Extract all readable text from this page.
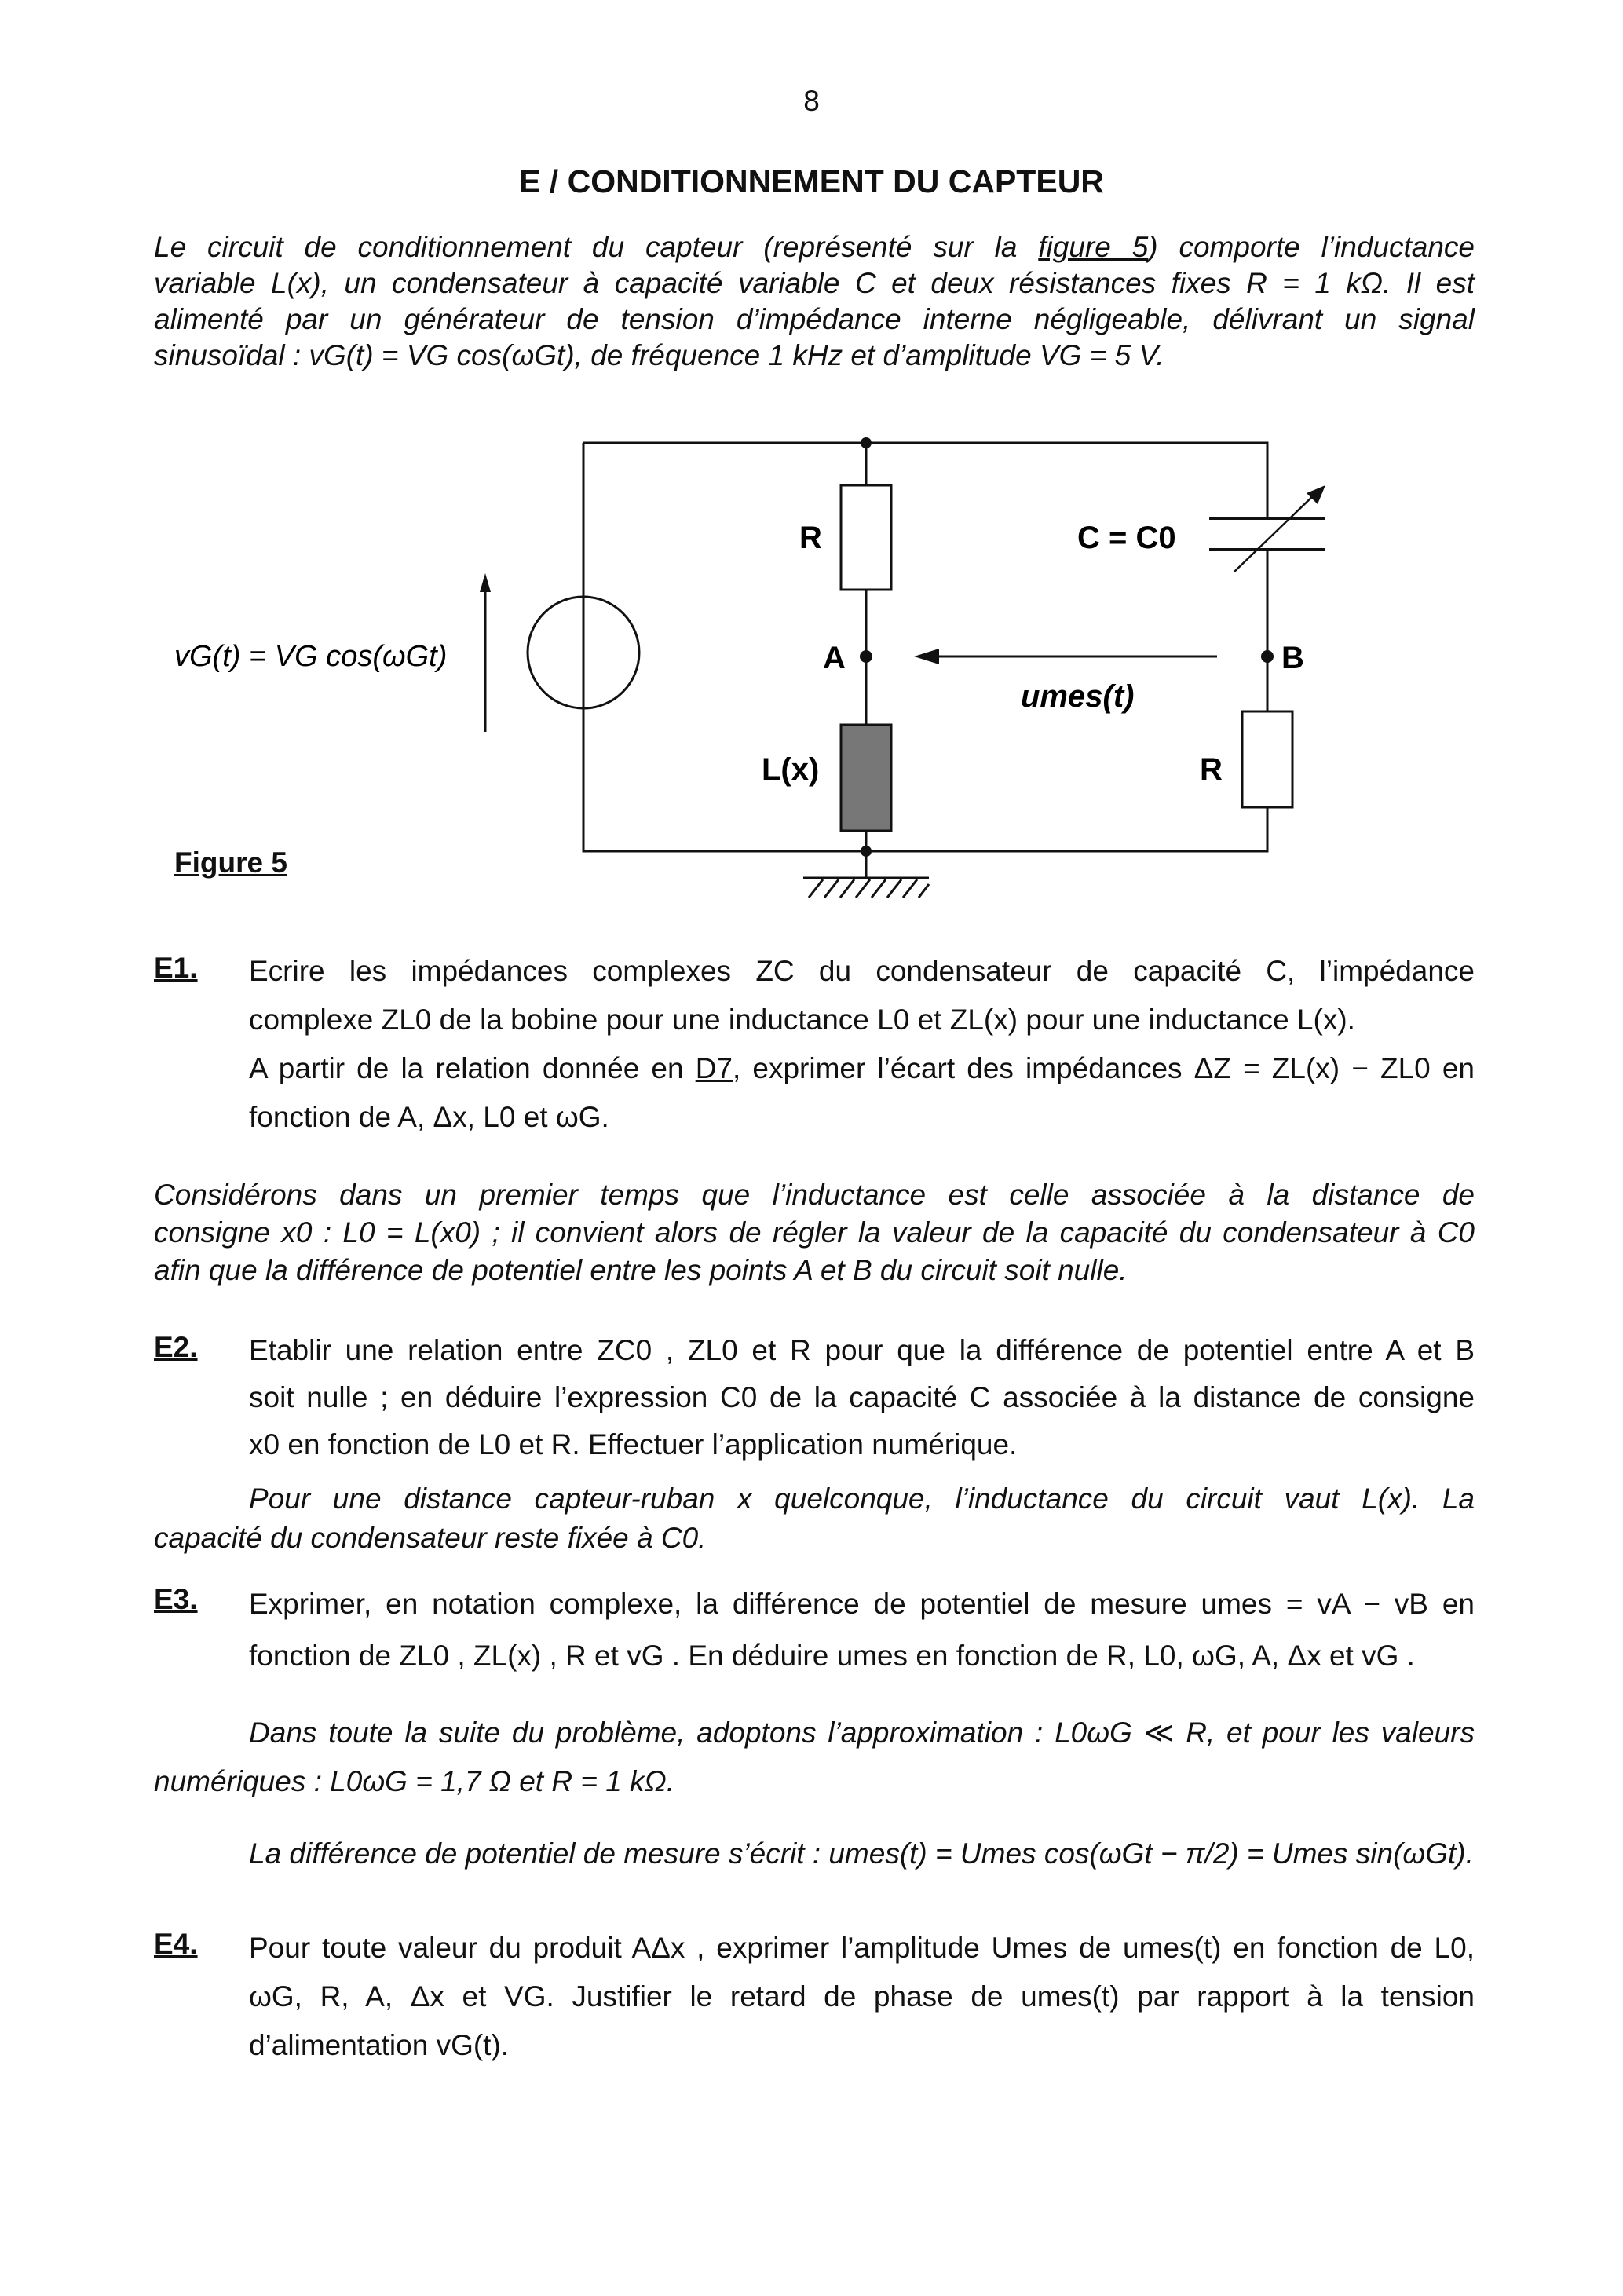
8
E / CONDITIONNEMENT DU CAPTEUR
Le circuit de conditionnement du capteur (représenté sur la figure 5) comporte l’inductance
variable L(x), un condensateur à capacité variable C et deux résistances fixes R = 1 kΩ. Il est
alimenté par un générateur de tension d’impédance interne négligeable, délivrant un signal
sinusoïdal : vG(t) = VG cos(ωGt), de fréquence 1 kHz et d’amplitude VG = 5 V.
vG(t) = VG cos(ωGt)
R	C = C0
A	B
umes(t)
L(x)	R
Figure 5
E1. Ecrire les impédances complexes ZC du condensateur de capacité C, l’impédance
complexe ZL0 de la bobine pour une inductance L0 et ZL(x) pour une inductance L(x).
A partir de la relation donnée en D7, exprimer l’écart des impédances ΔZ = ZL(x) − ZL0 en
fonction de A, Δx, L0 et ωG.
Considérons dans un premier temps que l’inductance est celle associée à la distance de
consigne x0 : L0 = L(x0) ; il convient alors de régler la valeur de la capacité du condensateur à C0
afin que la différence de potentiel entre les points A et B du circuit soit nulle.
E2. Etablir une relation entre ZC0 , ZL0 et R pour que la différence de potentiel entre A et B
soit nulle ; en déduire l’expression C0 de la capacité C associée à la distance de consigne
x0 en fonction de L0 et R. Effectuer l’application numérique.
Pour une distance capteur-ruban x quelconque, l’inductance du circuit vaut L(x). La
capacité du condensateur reste fixée à C0.
E3. Exprimer, en notation complexe, la différence de potentiel de mesure umes = vA − vB en
fonction de ZL0 , ZL(x) , R et vG . En déduire umes en fonction de R, L0, ωG, A, Δx et vG .
Dans toute la suite du problème, adoptons l’approximation : L0ωG ≪ R, et pour les valeurs
numériques : L0ωG = 1,7 Ω et R = 1 kΩ.
La différence de potentiel de mesure s’écrit : umes(t) = Umes cos(ωGt − π/2) = Umes sin(ωGt).
E4. Pour toute valeur du produit AΔx , exprimer l’amplitude Umes de umes(t) en fonction de L0,
ωG, R, A, Δx et VG. Justifier le retard de phase de umes(t) par rapport à la tension
d’alimentation vG(t).
